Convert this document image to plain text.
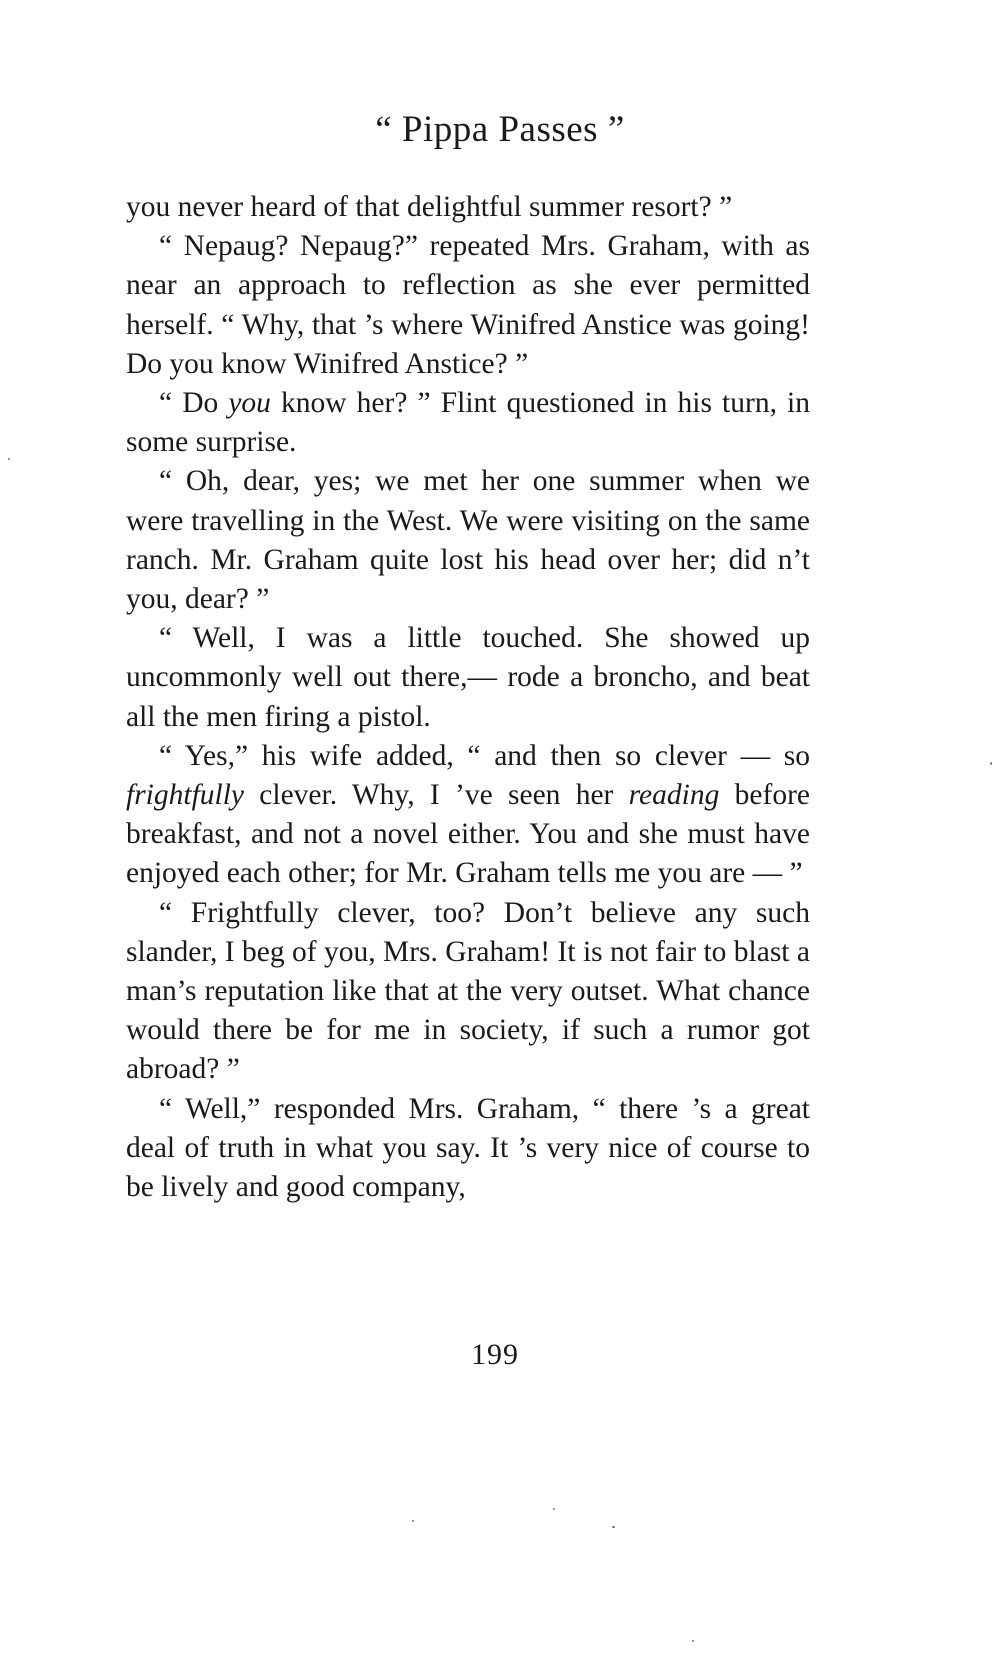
“ Pippa Passes ”

you never heard of that delightful summer resort? ”

“ Nepaug? Nepaug?” repeated Mrs. Graham, with as near an approach to reflection as she ever permitted herself. “ Why, that ’s where Winifred Anstice was going! Do you know Winifred Anstice? ”

“ Do you know her? ” Flint questioned in his turn, in some surprise.

“ Oh, dear, yes; we met her one summer when we were travelling in the West. We were visiting on the same ranch. Mr. Graham quite lost his head over her; did n’t you, dear? ”

“ Well, I was a little touched. She showed up uncommonly well out there,— rode a broncho, and beat all the men firing a pistol.

“ Yes,” his wife added, “ and then so clever — so frightfully clever. Why, I ’ve seen her reading before breakfast, and not a novel either. You and she must have enjoyed each other; for Mr. Graham tells me you are — ”

“ Frightfully clever, too? Don’t believe any such slander, I beg of you, Mrs. Graham! It is not fair to blast a man’s reputation like that at the very outset. What chance would there be for me in society, if such a rumor got abroad? ”

“ Well,” responded Mrs. Graham, “ there ’s a great deal of truth in what you say. It ’s very nice of course to be lively and good company,

199
